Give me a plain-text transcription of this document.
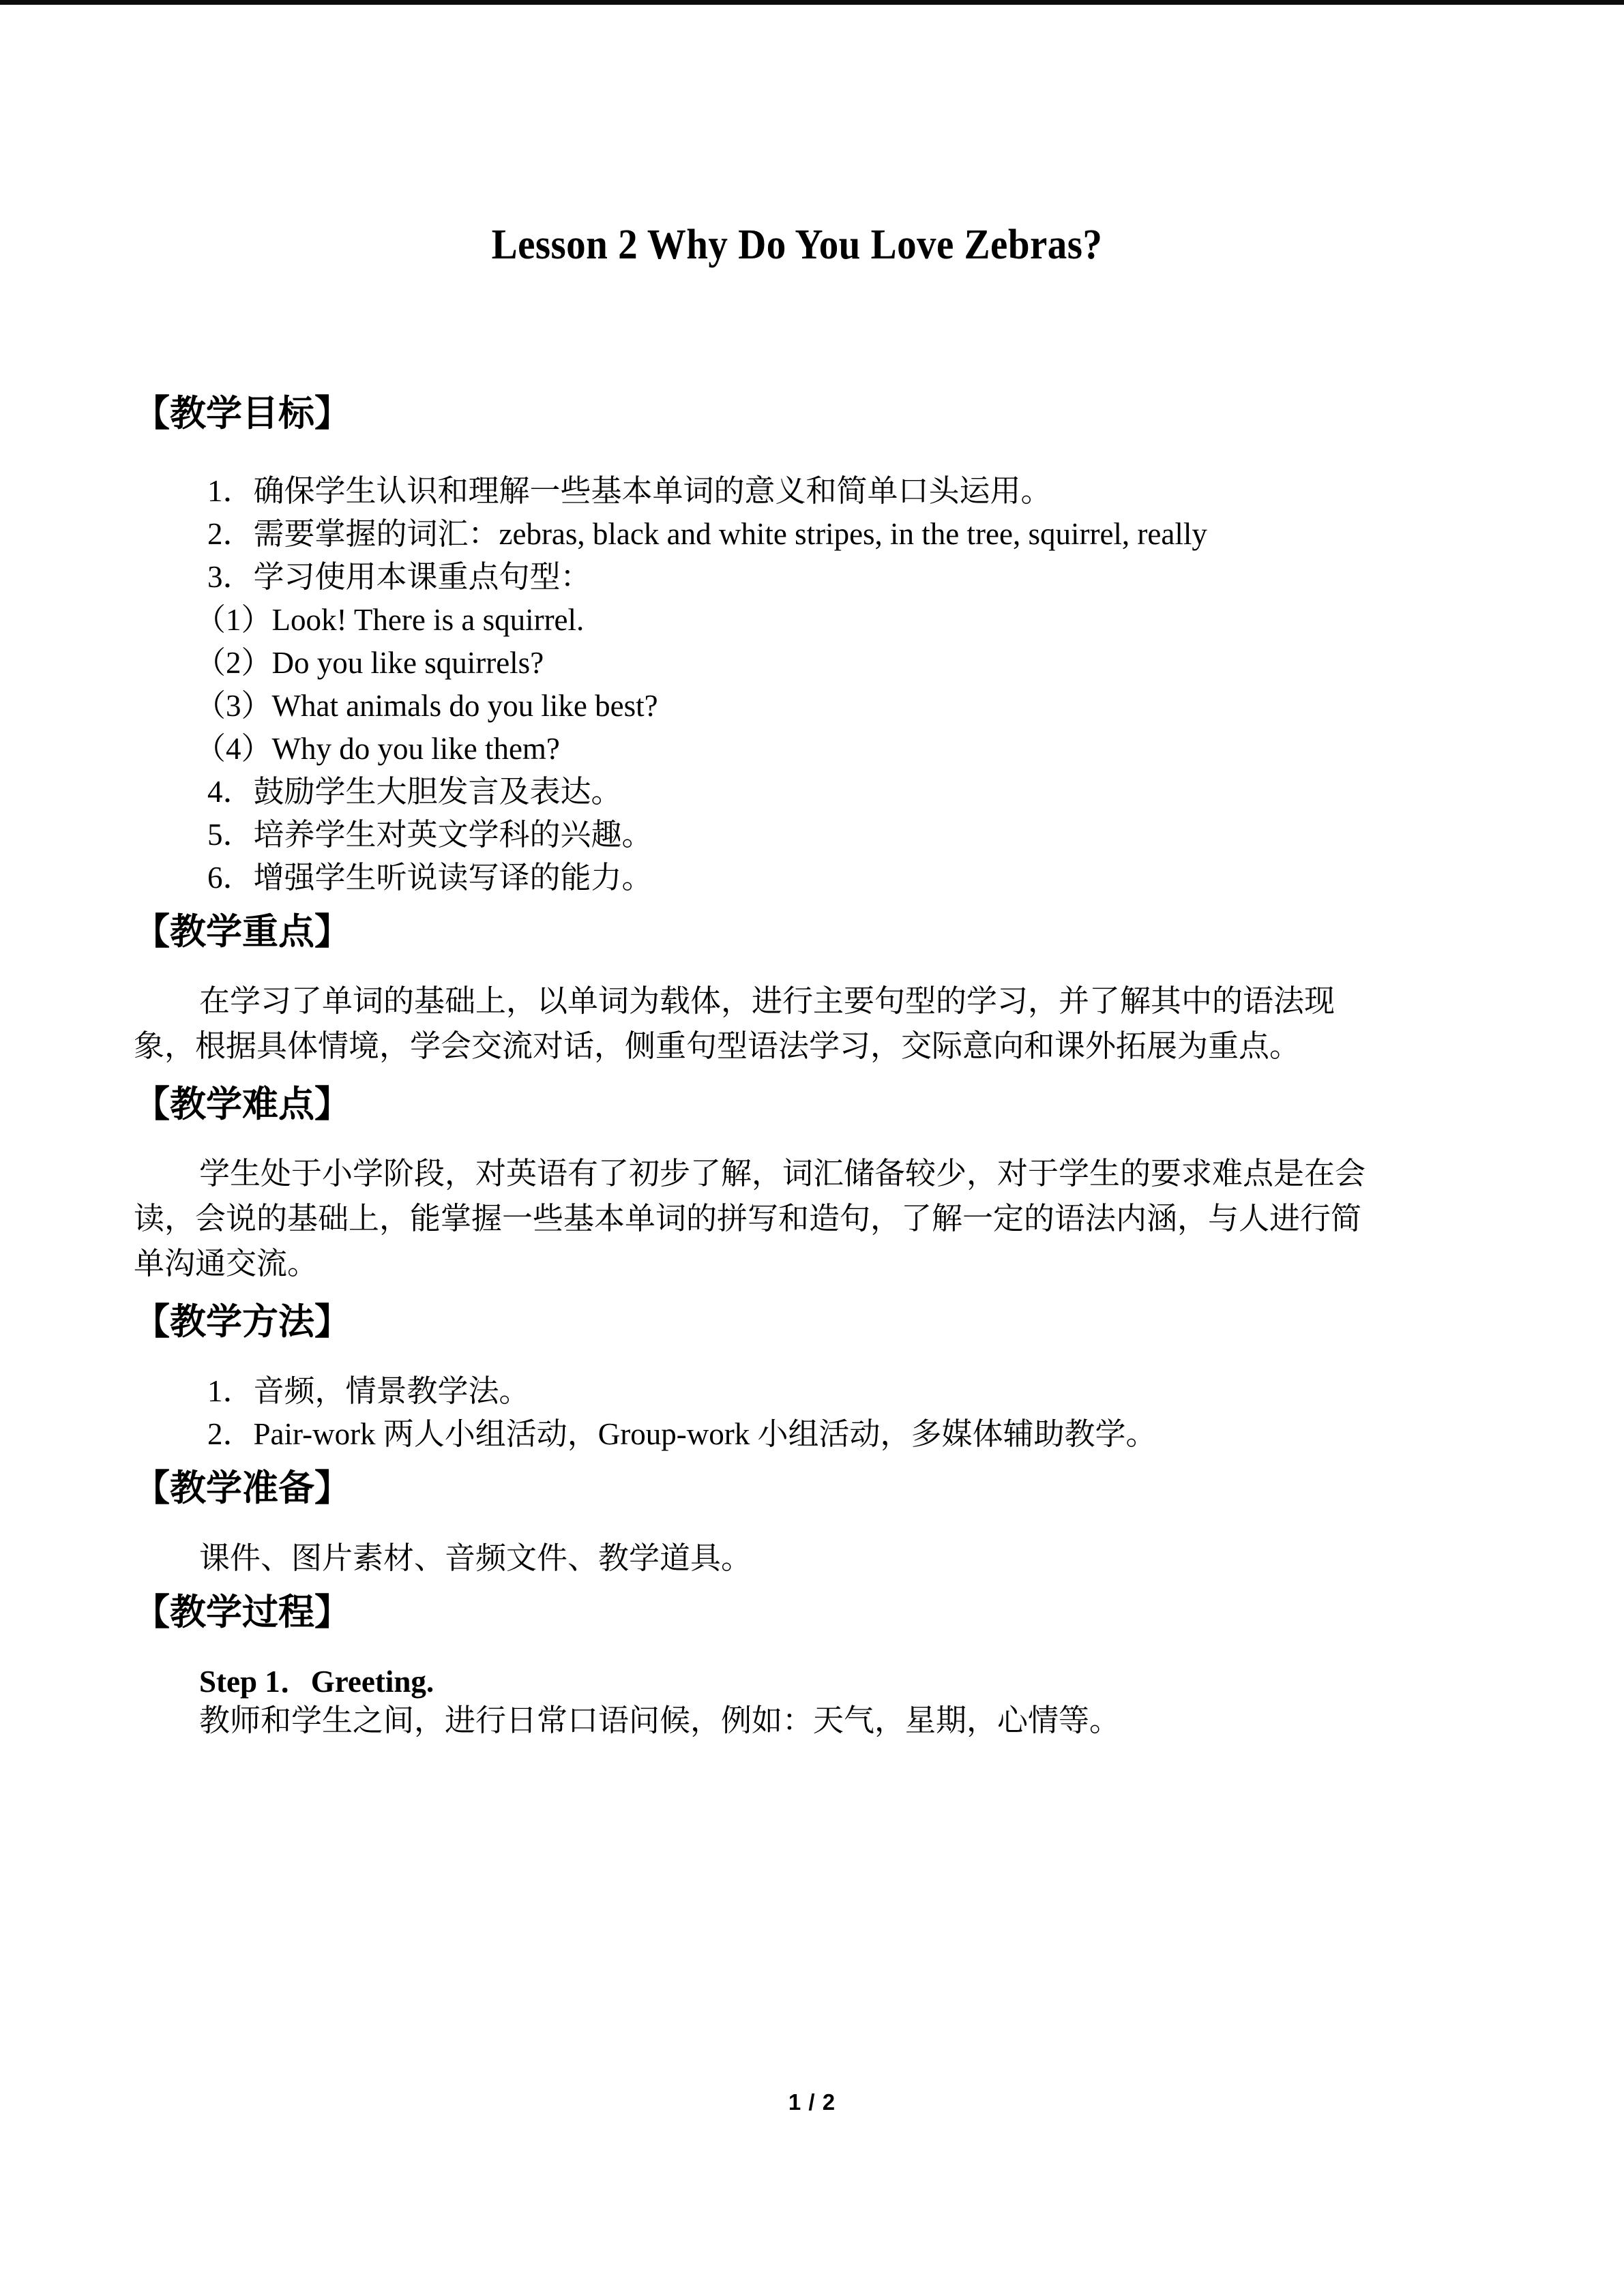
Lesson 2 Why Do You Love Zebras?
【教学目标】

1．确保学生认识和理解一些基本单词的意义和简单口头运用。

2．需要掌握的词汇：zebras, black and white stripes, in the tree, squirrel, really

3．学习使用本课重点句型：

（1）Look! There is a squirrel.

（2）Do you like squirrels?

（3）What animals do you like best?

（4）Why do you like them?

4．鼓励学生大胆发言及表达。

5．培养学生对英文学科的兴趣。

6．增强学生听说读写译的能力。

【教学重点】
在学习了单词的基础上，以单词为载体，进行主要句型的学习，并了解其中的语法现
象，根据具体情境，学会交流对话，侧重句型语法学习，交际意向和课外拓展为重点。
【教学难点】
学生处于小学阶段，对英语有了初步了解，词汇储备较少，对于学生的要求难点是在会
读，会说的基础上，能掌握一些基本单词的拼写和造句，了解一定的语法内涵，与人进行简
单沟通交流。
【教学方法】

1．音频，情景教学法。

2．Pair-work 两人小组活动，Group-work 小组活动，多媒体辅助教学。

【教学准备】

课件、图片素材、音频文件、教学道具。

【教学过程】

Step 1．Greeting.

教师和学生之间，进行日常口语问候，例如：天气，星期，心情等。

1 / 2
